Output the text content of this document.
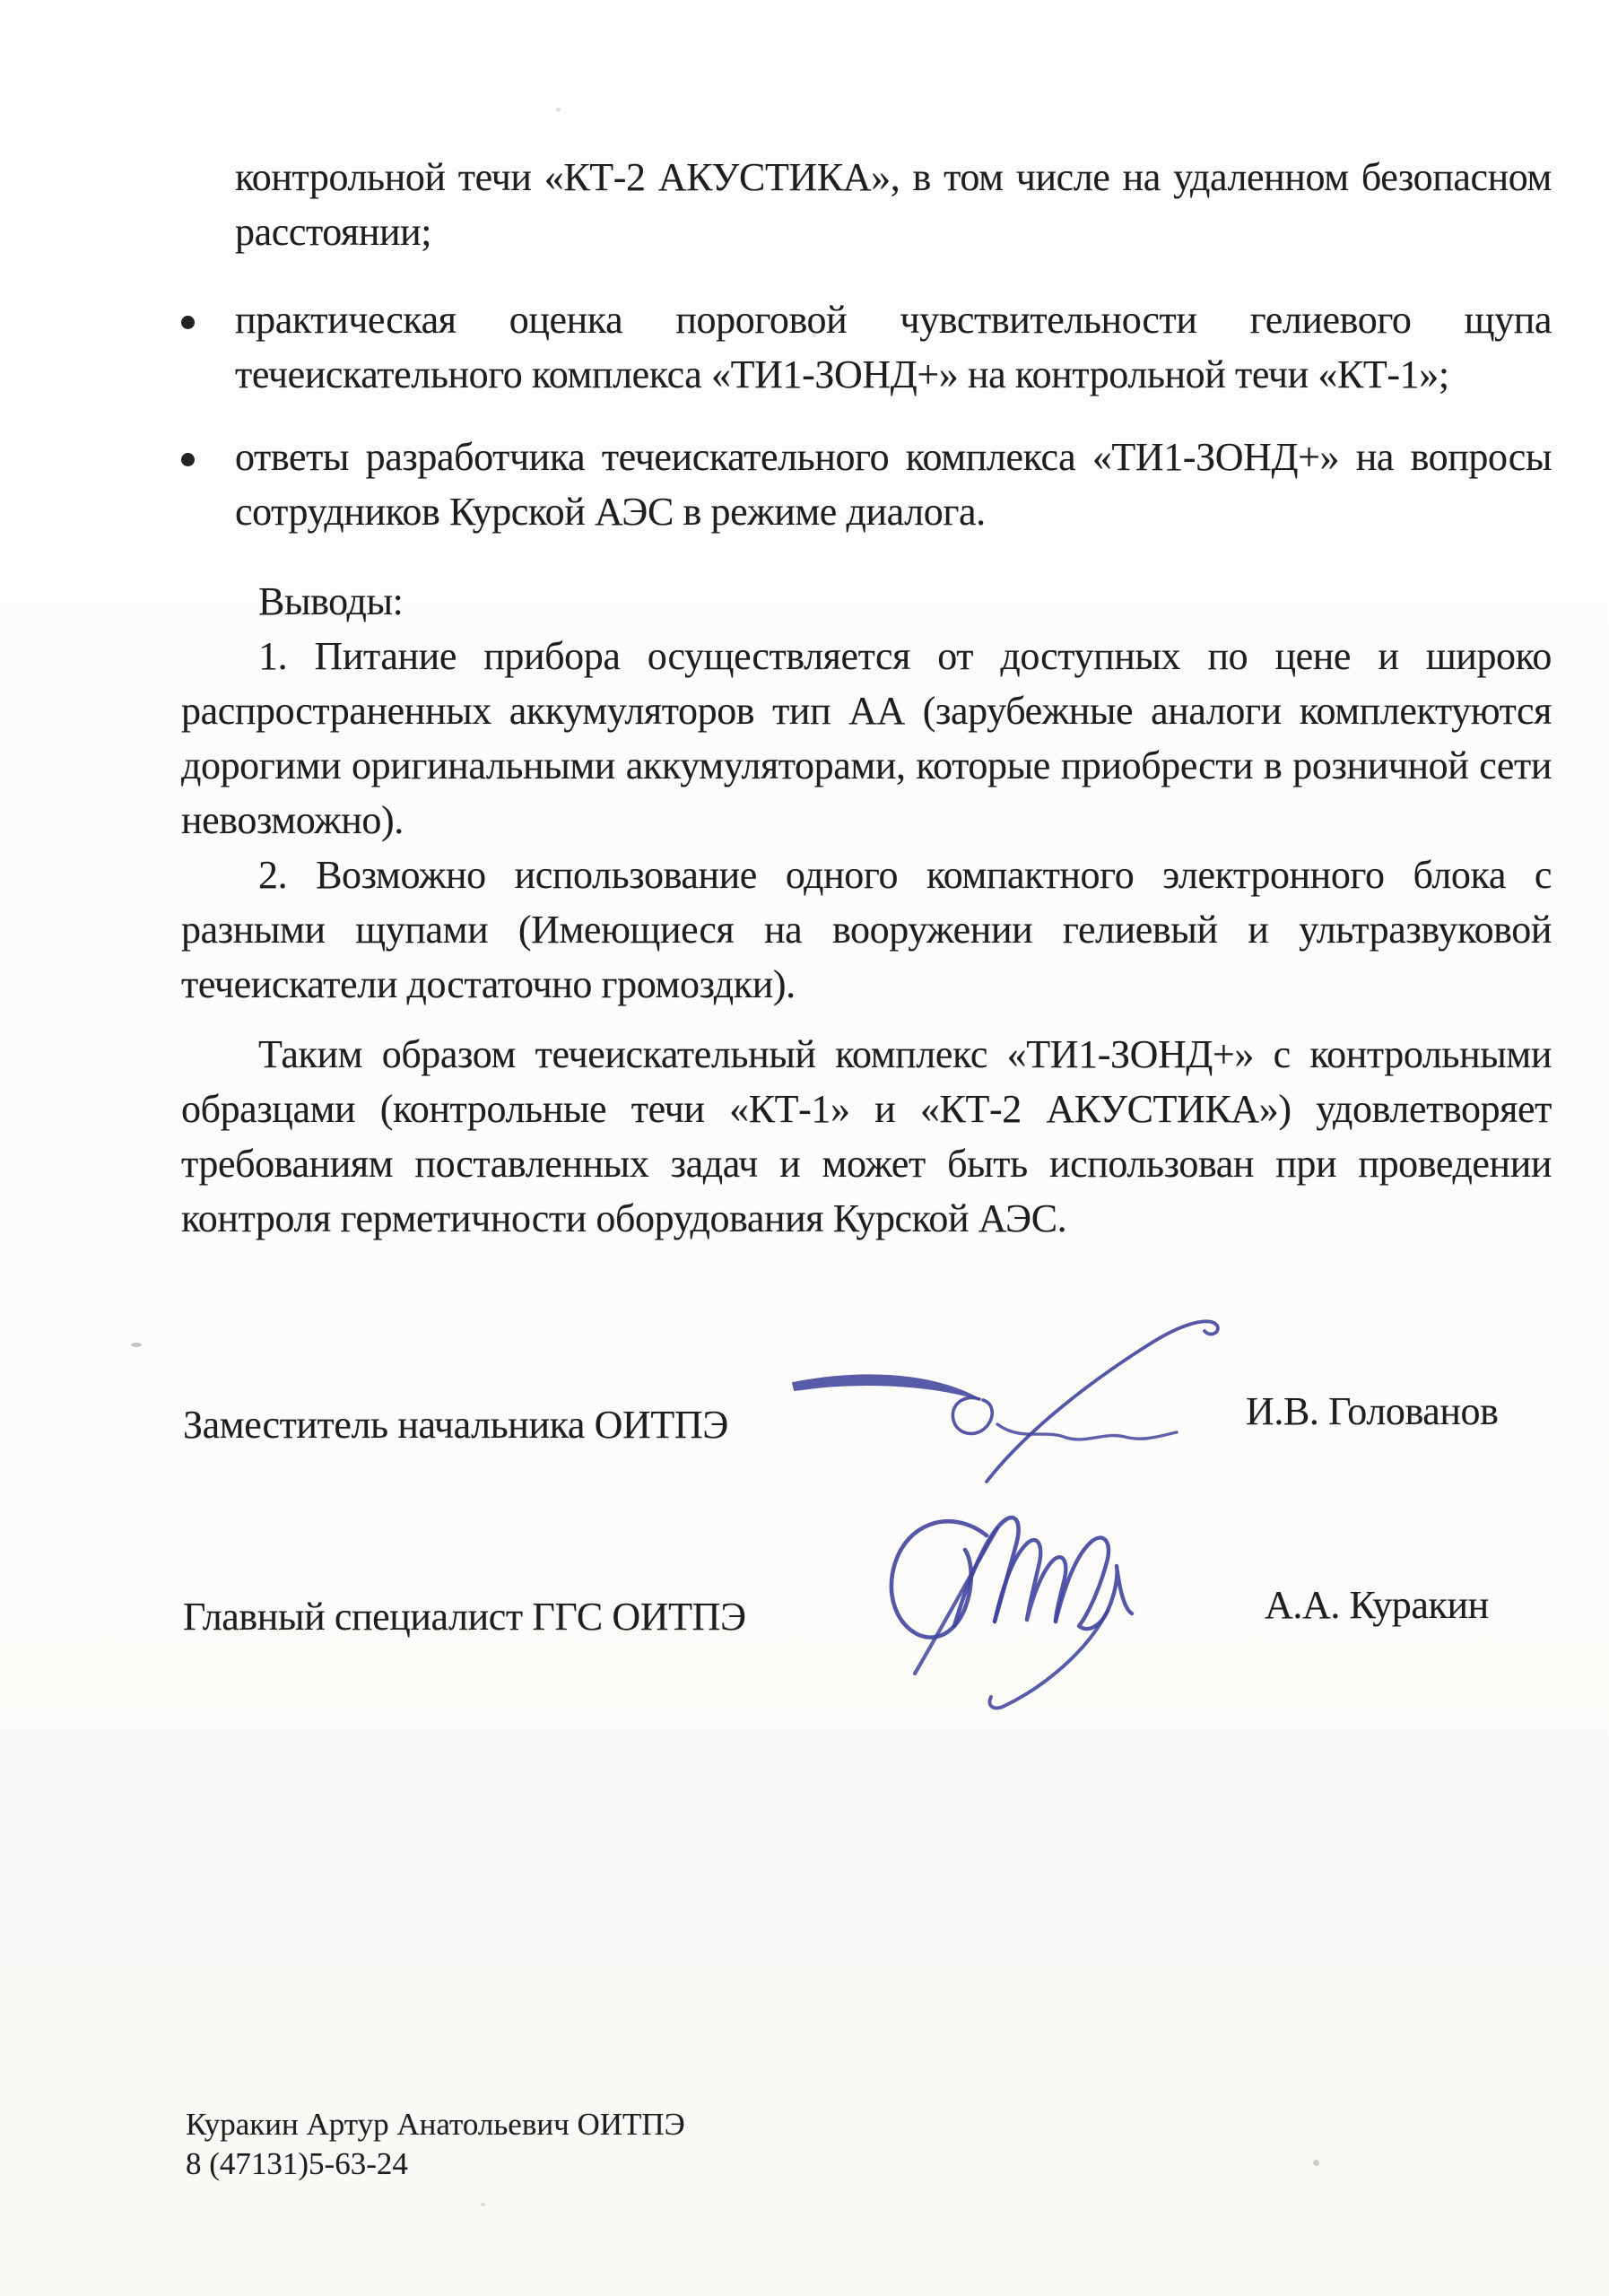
контрольной течи «КТ-2 АКУСТИКА», в том числе на удаленном безопасном
расстоянии;
практическая оценка пороговой чувствительности гелиевого щупа
течеискательного комплекса «ТИ1-ЗОНД+» на контрольной течи «КТ-1»;
ответы разработчика течеискательного комплекса «ТИ1-ЗОНД+» на вопросы
сотрудников Курской АЭС в режиме диалога.
Выводы:
1. Питание прибора осуществляется от доступных по цене и широко
распространенных аккумуляторов тип АА (зарубежные аналоги комплектуются
дорогими оригинальными аккумуляторами, которые приобрести в розничной сети
невозможно).
2. Возможно использование одного компактного электронного блока с
разными щупами (Имеющиеся на вооружении гелиевый и ультразвуковой
течеискатели достаточно громоздки).
Таким образом течеискательный комплекс «ТИ1-ЗОНД+» с контрольными
образцами (контрольные течи «КТ-1» и «КТ-2 АКУСТИКА») удовлетворяет
требованиям поставленных задач и может быть использован при проведении
контроля герметичности оборудования Курской АЭС.
Заместитель начальника ОИТПЭ	И.В. Голованов
Главный специалист ГГС ОИТПЭ	А.А. Куракин
Куракин Артур Анатольевич ОИТПЭ
8 (47131)5-63-24
